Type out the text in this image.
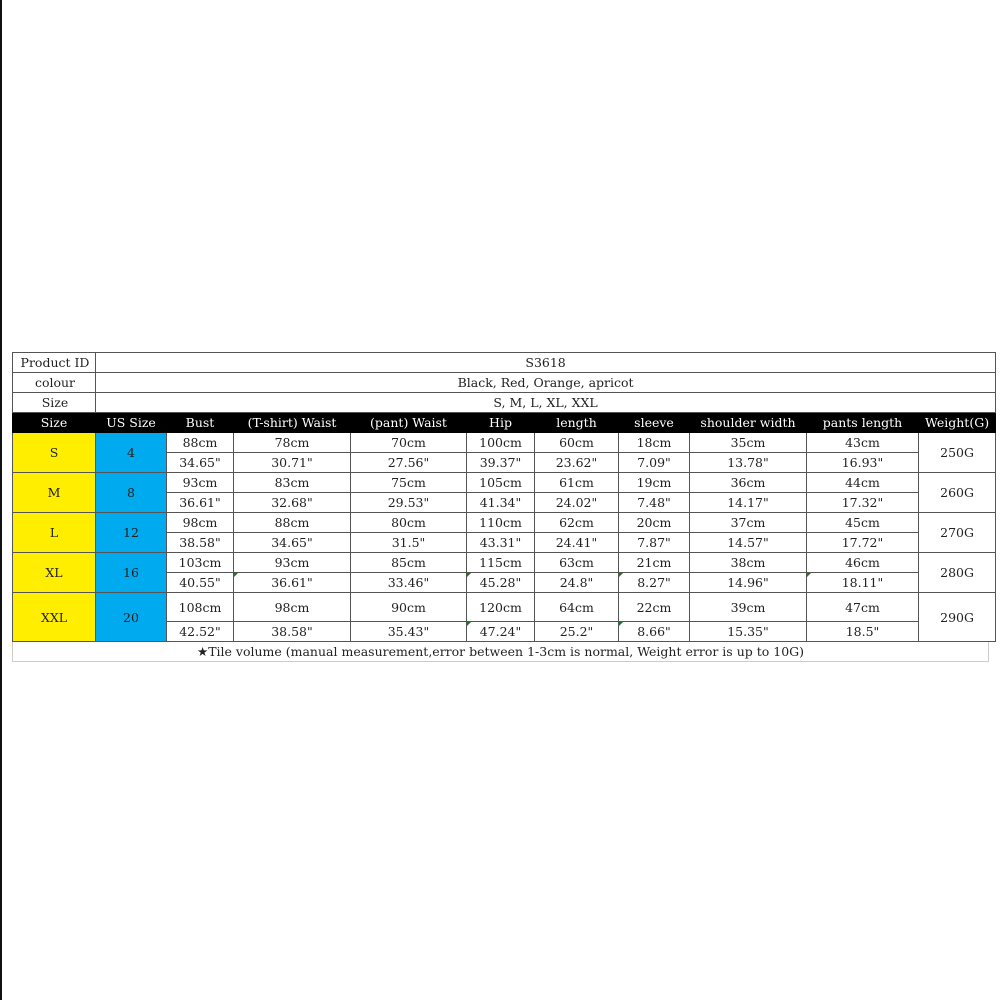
Product ID	S3618									
colour	Black, Red, Orange, apricot									
Size	S, M, L, XL, XXL									
Size	US Size	Bust	(T-shirt) Waist	(pant) Waist	Hip	length	sleeve	shoulder width	pants length	Weight(G)
S	4	88cm	78cm	70cm	100cm	60cm	18cm	35cm	43cm	250G
		34.65"	30.71"	27.56"	39.37"	23.62"	7.09"	13.78"	16.93"	
M	8	93cm	83cm	75cm	105cm	61cm	19cm	36cm	44cm	260G
		36.61"	32.68"	29.53"	41.34"	24.02"	7.48"	14.17"	17.32"	
L	12	98cm	88cm	80cm	110cm	62cm	20cm	37cm	45cm	270G
		38.58"	34.65"	31.5"	43.31"	24.41"	7.87"	14.57"	17.72"	
XL	16	103cm	93cm	85cm	115cm	63cm	21cm	38cm	46cm	280G
		40.55"	36.61"	33.46"	45.28"	24.8"	8.27"	14.96"	18.11"	
XXL	20	108cm	98cm	90cm	120cm	64cm	22cm	39cm	47cm	290G
		42.52"	38.58"	35.43"	47.24"	25.2"	8.66"	15.35"	18.5"	
★Tile volume (manual measurement,error between 1-3cm is normal, Weight error is up to 10G)
